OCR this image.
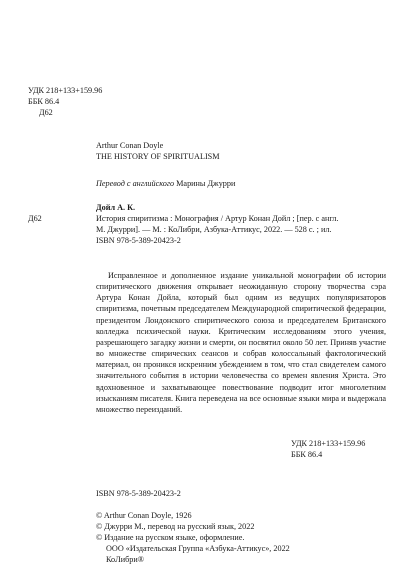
УДК 218+133+159.96
ББК 86.4
Д62
Arthur Conan Doyle
THE HISTORY OF SPIRITUALISM
Перевод с английского Марины Джурри
Дойл А. К.
Д62	История спиритизма : Монография / Артур Конан Дойл ; [пер. с англ.
М. Джурри]. — М. : КоЛибри, Азбука-Аттикус, 2022. — 528 с. ; ил.
ISBN 978-5-389-20423-2
Исправленное и дополненное издание уникальной монографии об истории спиритического движения открывает неожиданную сторону творчества сэра Артура Конан Дойла, который был одним из ведущих популяризаторов спиритизма, почетным председателем Международной спиритической федерации, президентом Лондонского спиритического союза и председателем Британского колледжа психической науки. Критическим исследованиям этого учения, разрешающего загадку жизни и смерти, он посвятил около 50 лет. Приняв участие во множестве спирических сеансов и собрав колоссальный фактологический материал, он проникся искренним убеждением в том, что стал свидетелем самого значительного события в истории человечества со времен явления Христа. Это вдохновенное и захватывающее повествование подводит итог многолетним изысканиям писателя. Книга переведена на все основные языки мира и выдержала множество переизданий.
УДК 218+133+159.96
ББК 86.4
ISBN 978-5-389-20423-2
© Arthur Conan Doyle, 1926
© Джурри М., перевод на русский язык, 2022
© Издание на русском языке, оформление.
ООО «Издательская Группа «Азбука-Аттикус», 2022
КоЛибри®
